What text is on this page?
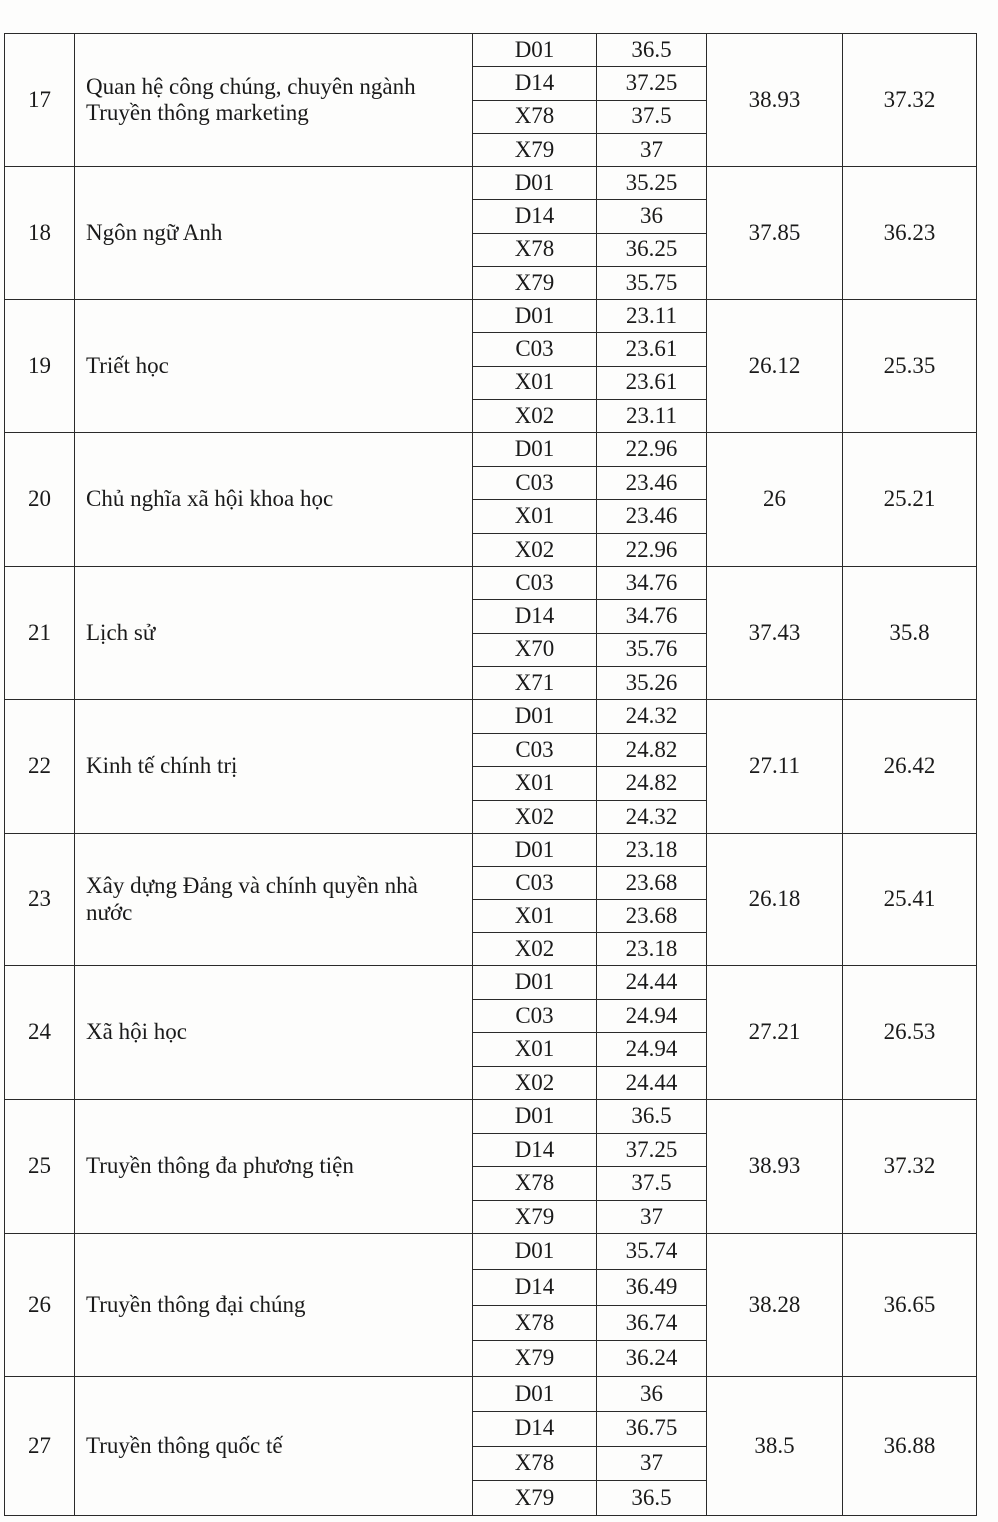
17	Quan hệ công chúng, chuyên ngành Truyền thông marketing	D01	36.5	38.93	37.32
		D14	37.25		
		X78	37.5		
		X79	37		
18	Ngôn ngữ Anh	D01	35.25	37.85	36.23
		D14	36		
		X78	36.25		
		X79	35.75		
19	Triết học	D01	23.11	26.12	25.35
		C03	23.61		
		X01	23.61		
		X02	23.11		
20	Chủ nghĩa xã hội khoa học	D01	22.96	26	25.21
		C03	23.46		
		X01	23.46		
		X02	22.96		
21	Lịch sử	C03	34.76	37.43	35.8
		D14	34.76		
		X70	35.76		
		X71	35.26		
22	Kinh tế chính trị	D01	24.32	27.11	26.42
		C03	24.82		
		X01	24.82		
		X02	24.32		
23	Xây dựng Đảng và chính quyền nhà nước	D01	23.18	26.18	25.41
		C03	23.68		
		X01	23.68		
		X02	23.18		
24	Xã hội học	D01	24.44	27.21	26.53
		C03	24.94		
		X01	24.94		
		X02	24.44		
25	Truyền thông đa phương tiện	D01	36.5	38.93	37.32
		D14	37.25		
		X78	37.5		
		X79	37		
26	Truyền thông đại chúng	D01	35.74	38.28	36.65
		D14	36.49		
		X78	36.74		
		X79	36.24		
27	Truyền thông quốc tế	D01	36	38.5	36.88
		D14	36.75		
		X78	37		
		X79	36.5		
